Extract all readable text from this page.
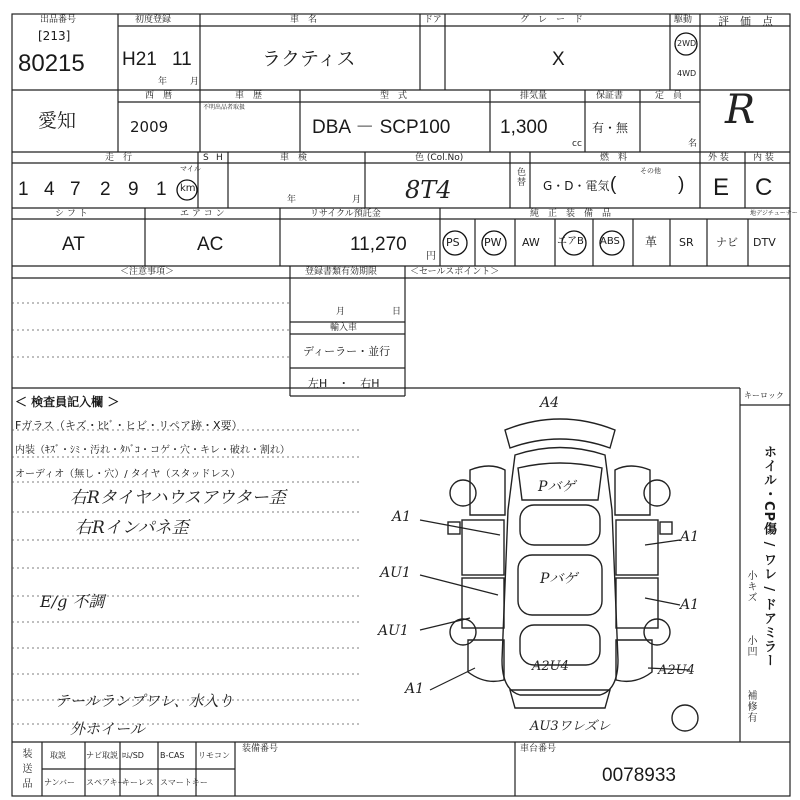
出品番号
[213]
80215
初度登録
H21 11
年	月
車　名
ラクティス
ドア	グ　レ　ー　ド
X
駆動
2WD
4WD
評　価　点
R
愛知
西　暦
2009
車　歴
不明出品者取扱
型　式
DBA － SCP100
排気量
1,300
cc
保証書
有・無
定　員
名
走　行
1 4 7 2 9 1 km
マイル
S H	車　検
年	月
色 (Col.No)
8T4	色替
燃　料
G・D・電気
その他
(	)
外 装
E
内 装
C
シ フ ト
AT
エ ア コ ン
AC
リサイクル預託金
11,270
円
純　正　装　備　品	地デジチューナー
PS PW AW エアB ABS 革 SR ナビ DTV
＜注意事項＞	登録書類有効期限
月	日
輸入車
ディーラー・並行
左H　・　右H
＜セールスポイント＞
＜ 検査員記入欄 ＞
Fガラス（キズ・ﾋﾋﾞ・ヒビ・リペア跡・X要）
内装（ｷｽﾞ・ｼﾐ・汚れ・ﾀﾊﾞｺ・コゲ・穴・キレ・破れ・割れ）
オーディオ（無し・穴）/ タイヤ（スタッドレス）
右Rタイヤハウスアウター歪
右Rインパネ歪
E/g 不調
テールランプワレ、水入り
外ホイール
キーロック
ホイル・CP傷 / ワレ / ドアミラー
小キズ
小凹
補修有
A4
Pバゲ
A1
A1
AU1	Pバゲ
AU1
A1
A2U4	A2U4
A1
AU3ワレズレ
装 送 品 取説	ナビ取説 ﾛﾑ/SD B-CAS リモコン
ナンバー スペアキー
キーレス スマートキー
装備番号	車台番号
0078933
